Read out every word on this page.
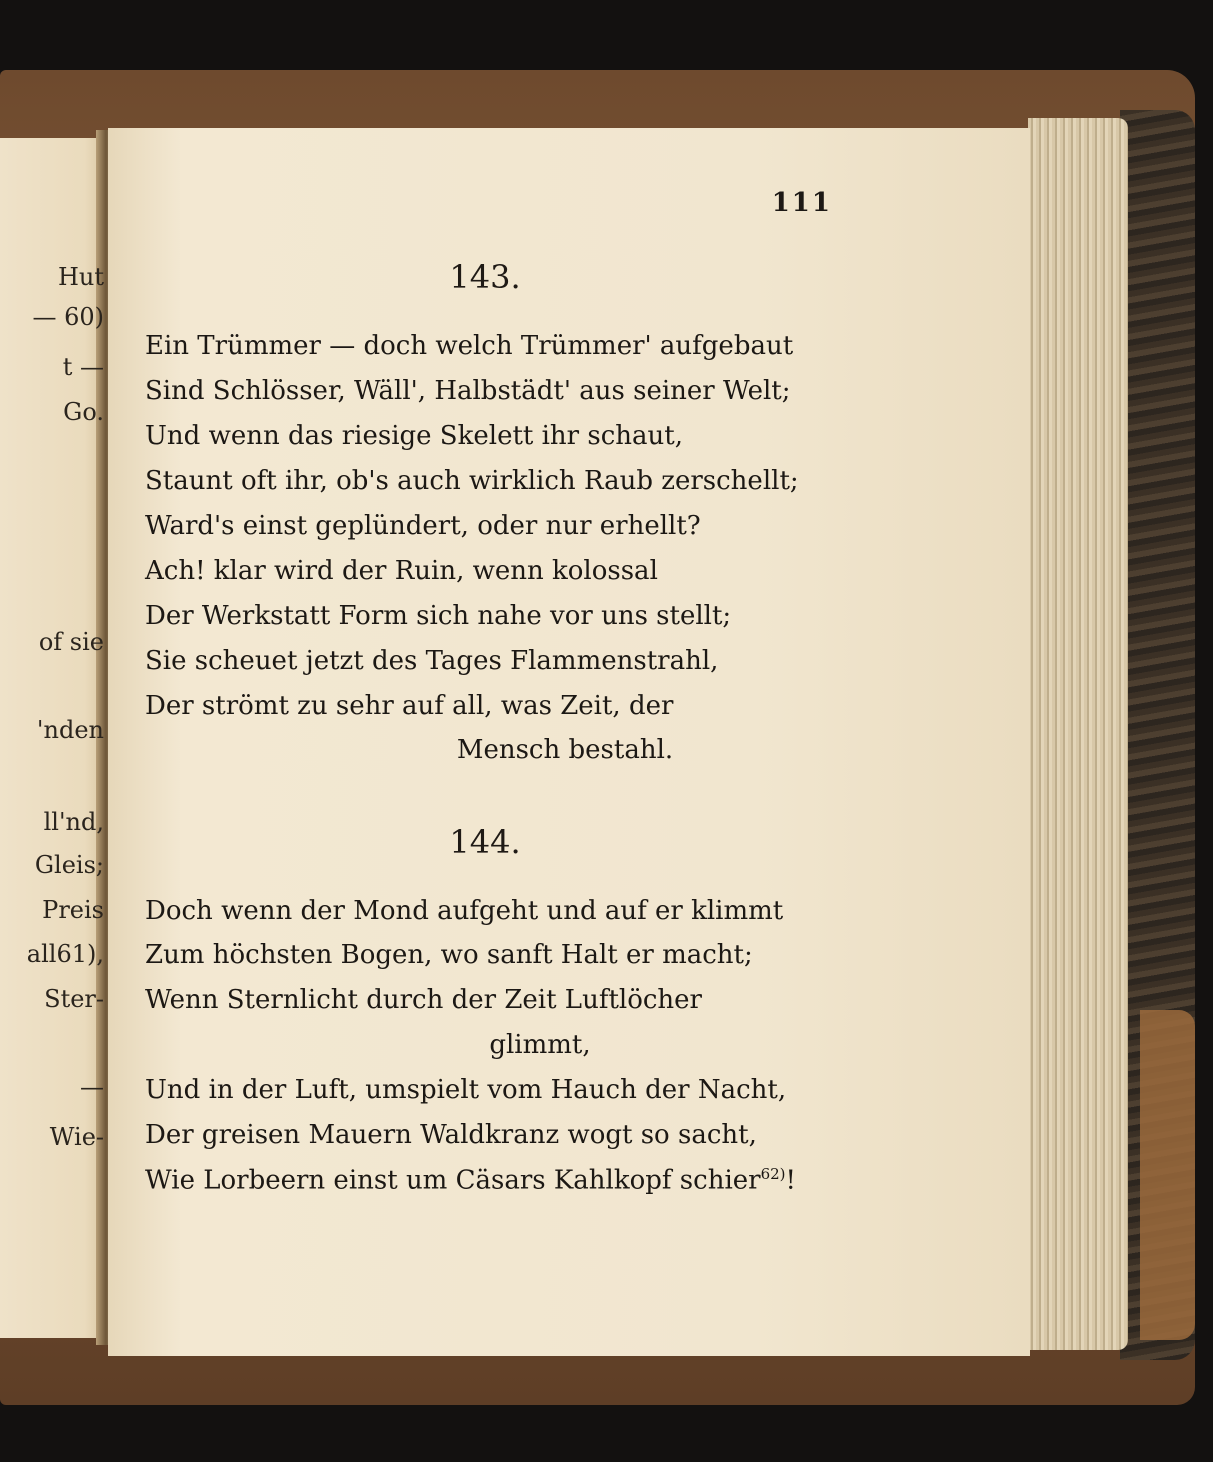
Hut
— 60)
t —
Go.
of sie
'nden
ll'nd,
Gleis;
Preis
all61),
Ster-
—
Wie-
111
143.
Ein Trümmer — doch welch Trümmer' aufgebaut
Sind Schlösser, Wäll', Halbstädt' aus seiner Welt;
Und wenn das riesige Skelett ihr schaut,
Staunt oft ihr, ob's auch wirklich Raub zerschellt;
Ward's einst geplündert, oder nur erhellt?
Ach! klar wird der Ruin, wenn kolossal
Der Werkstatt Form sich nahe vor uns stellt;
Sie scheuet jetzt des Tages Flammenstrahl,
Der strömt zu sehr auf all, was Zeit, der
Mensch bestahl.
144.
Doch wenn der Mond aufgeht und auf er klimmt
Zum höchsten Bogen, wo sanft Halt er macht;
Wenn Sternlicht durch der Zeit Luftlöcher
glimmt,
Und in der Luft, umspielt vom Hauch der Nacht,
Der greisen Mauern Waldkranz wogt so sacht,
Wie Lorbeern einst um Cäsars Kahlkopf schier$^{62)}$!
